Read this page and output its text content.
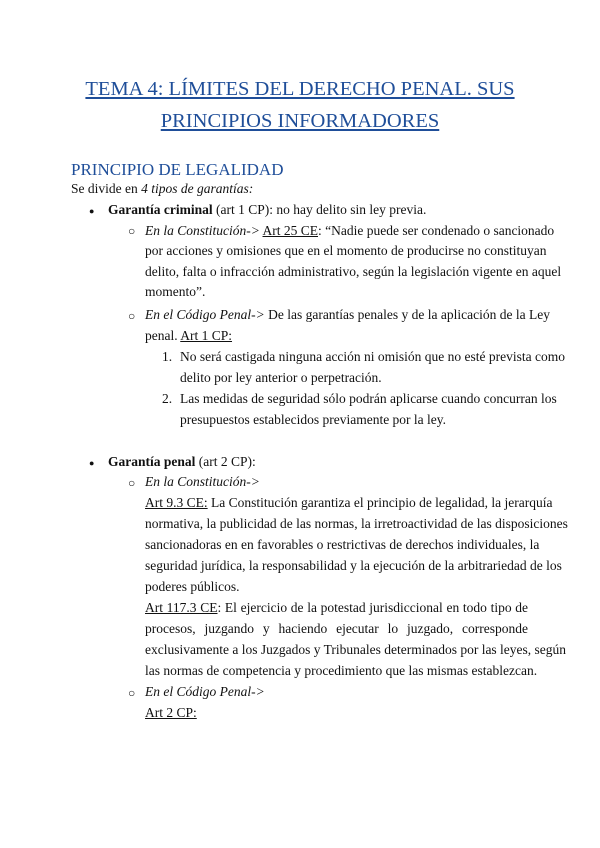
TEMA 4: LÍMITES DEL DERECHO PENAL. SUS
PRINCIPIOS INFORMADORES
PRINCIPIO DE LEGALIDAD
Se divide en 4 tipos de garantías:
● Garantía criminal (art 1 CP): no hay delito sin ley previa.
○ En la Constitución-> Art 25 CE: “Nadie puede ser condenado o sancionado
por acciones y omisiones que en el momento de producirse no constituyan
delito, falta o infracción administrativo, según la legislación vigente en aquel
momento”.
○ En el Código Penal-> De las garantías penales y de la aplicación de la Ley
penal. Art 1 CP:
1. No será castigada ninguna acción ni omisión que no esté prevista como
delito por ley anterior o perpetración.
2. Las medidas de seguridad sólo podrán aplicarse cuando concurran los
presupuestos establecidos previamente por la ley.
● Garantía penal (art 2 CP):
○ En la Constitución->
Art 9.3 CE: La Constitución garantiza el principio de legalidad, la jerarquía
normativa, la publicidad de las normas, la irretroactividad de las disposiciones
sancionadoras en en favorables o restrictivas de derechos individuales, la
seguridad jurídica, la responsabilidad y la ejecución de la arbitrariedad de los
poderes públicos.
Art 117.3 CE: El ejercicio de la potestad jurisdiccional en todo tipo de
procesos, juzgando y haciendo ejecutar lo juzgado, corresponde
exclusivamente a los Juzgados y Tribunales determinados por las leyes, según
las normas de competencia y procedimiento que las mismas establezcan.
○ En el Código Penal->
Art 2 CP:
